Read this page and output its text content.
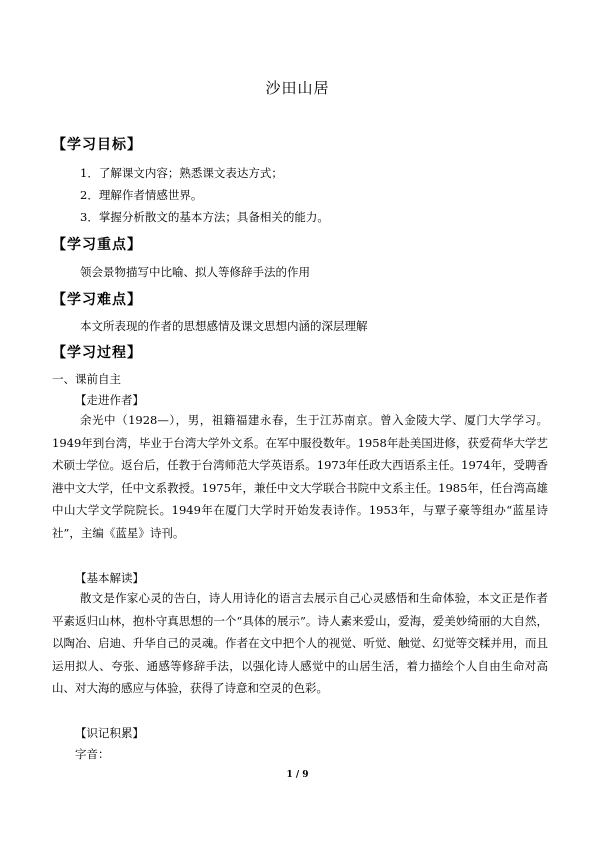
沙田山居
【学习目标】
1．了解课文内容；熟悉课文表达方式；
2．理解作者情感世界。
3．掌握分析散文的基本方法；具备相关的能力。
【学习重点】
领会景物描写中比喻、拟人等修辞手法的作用
【学习难点】
本文所表现的作者的思想感情及课文思想内涵的深层理解
【学习过程】
一、课前自主
【走进作者】

余光中（1928—），男，祖籍福建永春，生于江苏南京。曾入金陵大学、厦门大学学习。1949年到台湾，毕业于台湾大学外文系。在军中服役数年。1958年赴美国进修，获爱荷华大学艺术硕士学位。返台后，任教于台湾师范大学英语系。1973年任政大西语系主任。1974年，受聘香港中文大学，任中文系教授。1975年，兼任中文大学联合书院中文系主任。1985年，任台湾高雄中山大学文学院院长。1949年在厦门大学时开始发表诗作。1953年，与覃子豪等组办“蓝星诗社”，主编《蓝星》诗刊。

【基本解读】

散文是作家心灵的告白，诗人用诗化的语言去展示自己心灵感悟和生命体验，本文正是作者平素返归山林，抱朴守真思想的一个“具体的展示”。诗人素来爱山，爱海，爱美妙绮丽的大自然，以陶冶、启迪、升华自己的灵魂。作者在文中把个人的视觉、听觉、触觉、幻觉等交糅并用，而且运用拟人、夸张、通感等修辞手法，以强化诗人感觉中的山居生活，着力描绘个人自由生命对高山、对大海的感应与体验，获得了诗意和空灵的色彩。

【识记积累】
字音：
1 / 9
